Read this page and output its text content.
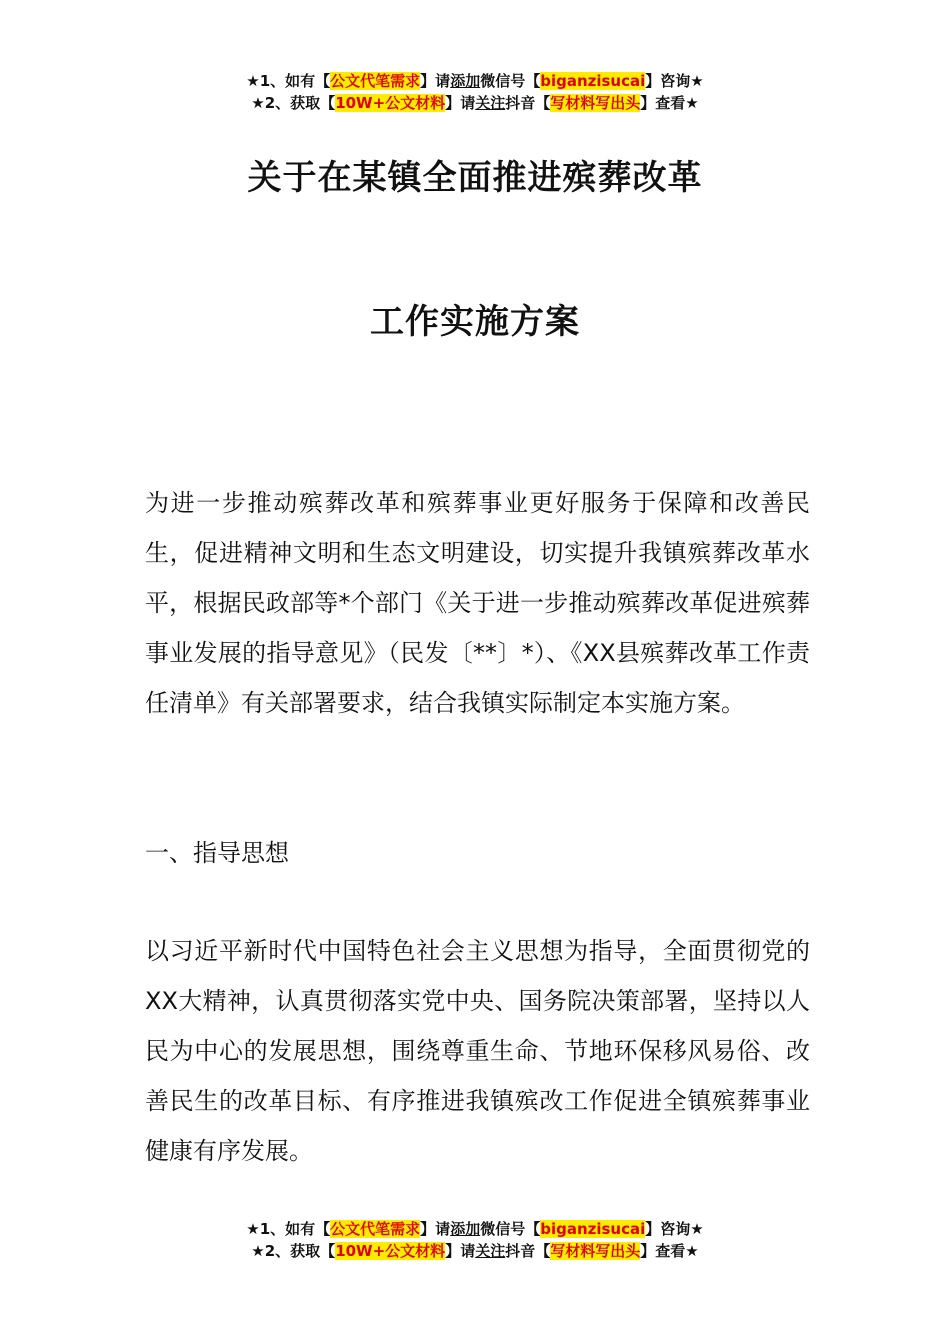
★1、如有【公文代笔需求】请添加微信号【biganzisucai】咨询★
★2、获取【10W+公文材料】请关注抖音【写材料写出头】查看★
关于在某镇全面推进殡葬改革
工作实施方案
为进一步推动殡葬改革和殡葬事业更好服务于保障和改善民生，促进精神文明和生态文明建设，切实提升我镇殡葬改革水平，根据民政部等*个部门《关于进一步推动殡葬改革促进殡葬事业发展的指导意见》（民发〔**〕*）、《XX县殡葬改革工作责任清单》有关部署要求，结合我镇实际制定本实施方案。
一、指导思想
以习近平新时代中国特色社会主义思想为指导，全面贯彻党的XX大精神，认真贯彻落实党中央、国务院决策部署，坚持以人民为中心的发展思想，围绕尊重生命、节地环保移风易俗、改善民生的改革目标、有序推进我镇殡改工作促进全镇殡葬事业健康有序发展。
★1、如有【公文代笔需求】请添加微信号【biganzisucai】咨询★
★2、获取【10W+公文材料】请关注抖音【写材料写出头】查看★
